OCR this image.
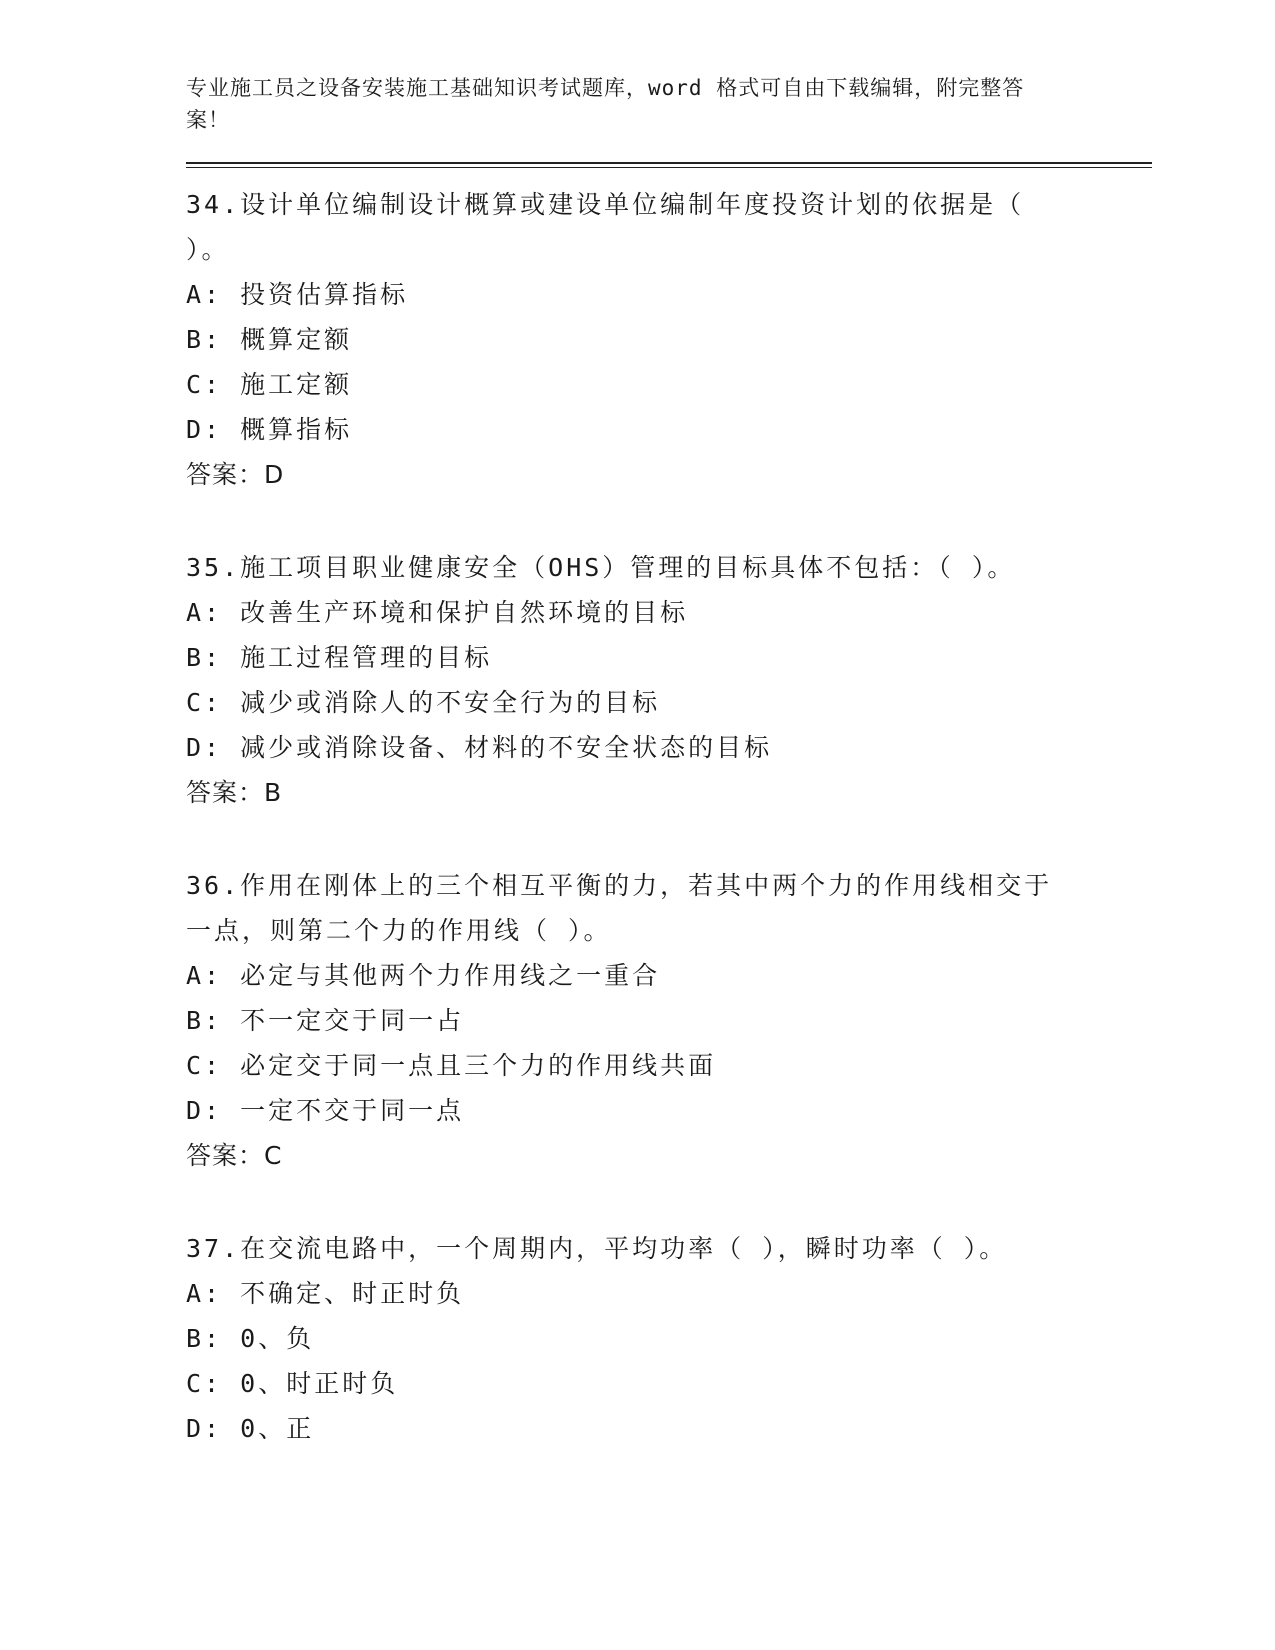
专业施工员之设备安装施工基础知识考试题库，word 格式可自由下载编辑，附完整答案！
34.设计单位编制设计概算或建设单位编制年度投资计划的依据是（ ）。
A: 投资估算指标
B: 概算定额
C: 施工定额
D: 概算指标
答案：D
35.施工项目职业健康安全（OHS）管理的目标具体不包括：（ ）。
A: 改善生产环境和保护自然环境的目标
B: 施工过程管理的目标
C: 减少或消除人的不安全行为的目标
D: 减少或消除设备、材料的不安全状态的目标
答案：B
36.作用在刚体上的三个相互平衡的力，若其中两个力的作用线相交于一点，则第二个力的作用线（ ）。
A: 必定与其他两个力作用线之一重合
B: 不一定交于同一占
C: 必定交于同一点且三个力的作用线共面
D: 一定不交于同一点
答案：C
37.在交流电路中，一个周期内，平均功率（ ），瞬时功率（ ）。
A: 不确定、时正时负
B: 0、负
C: 0、时正时负
D: 0、正
